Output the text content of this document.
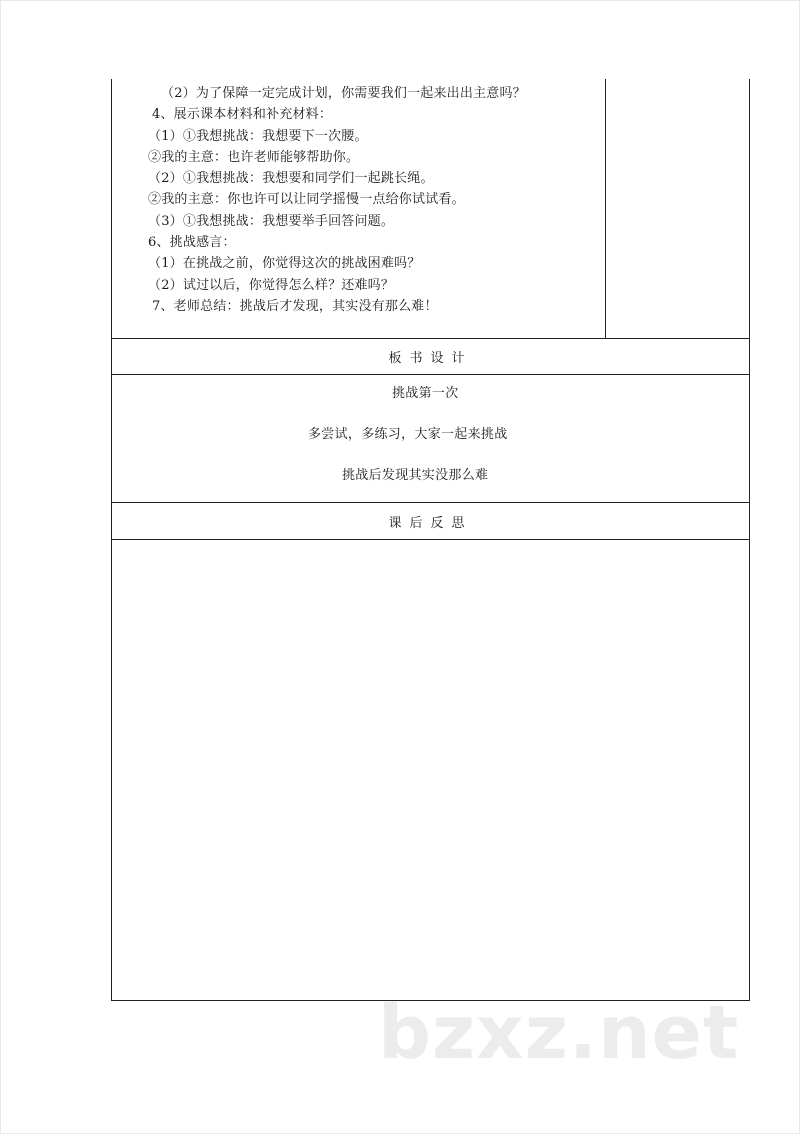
（2）为了保障一定完成计划，你需要我们一起来出出主意吗？
4、展示课本材料和补充材料：
（1）①我想挑战：我想要下一次腰。
②我的主意：也许老师能够帮助你。
（2）①我想挑战：我想要和同学们一起跳长绳。
②我的主意：你也许可以让同学摇慢一点给你试试看。
（3）①我想挑战：我想要举手回答问题。
6、挑战感言：
（1）在挑战之前，你觉得这次的挑战困难吗？
（2）试过以后，你觉得怎么样？还难吗？
7、老师总结：挑战后才发现，其实没有那么难！
板书设计
挑战第一次
多尝试，多练习，大家一起来挑战
挑战后发现其实没那么难
课后反思
bzxz.net
